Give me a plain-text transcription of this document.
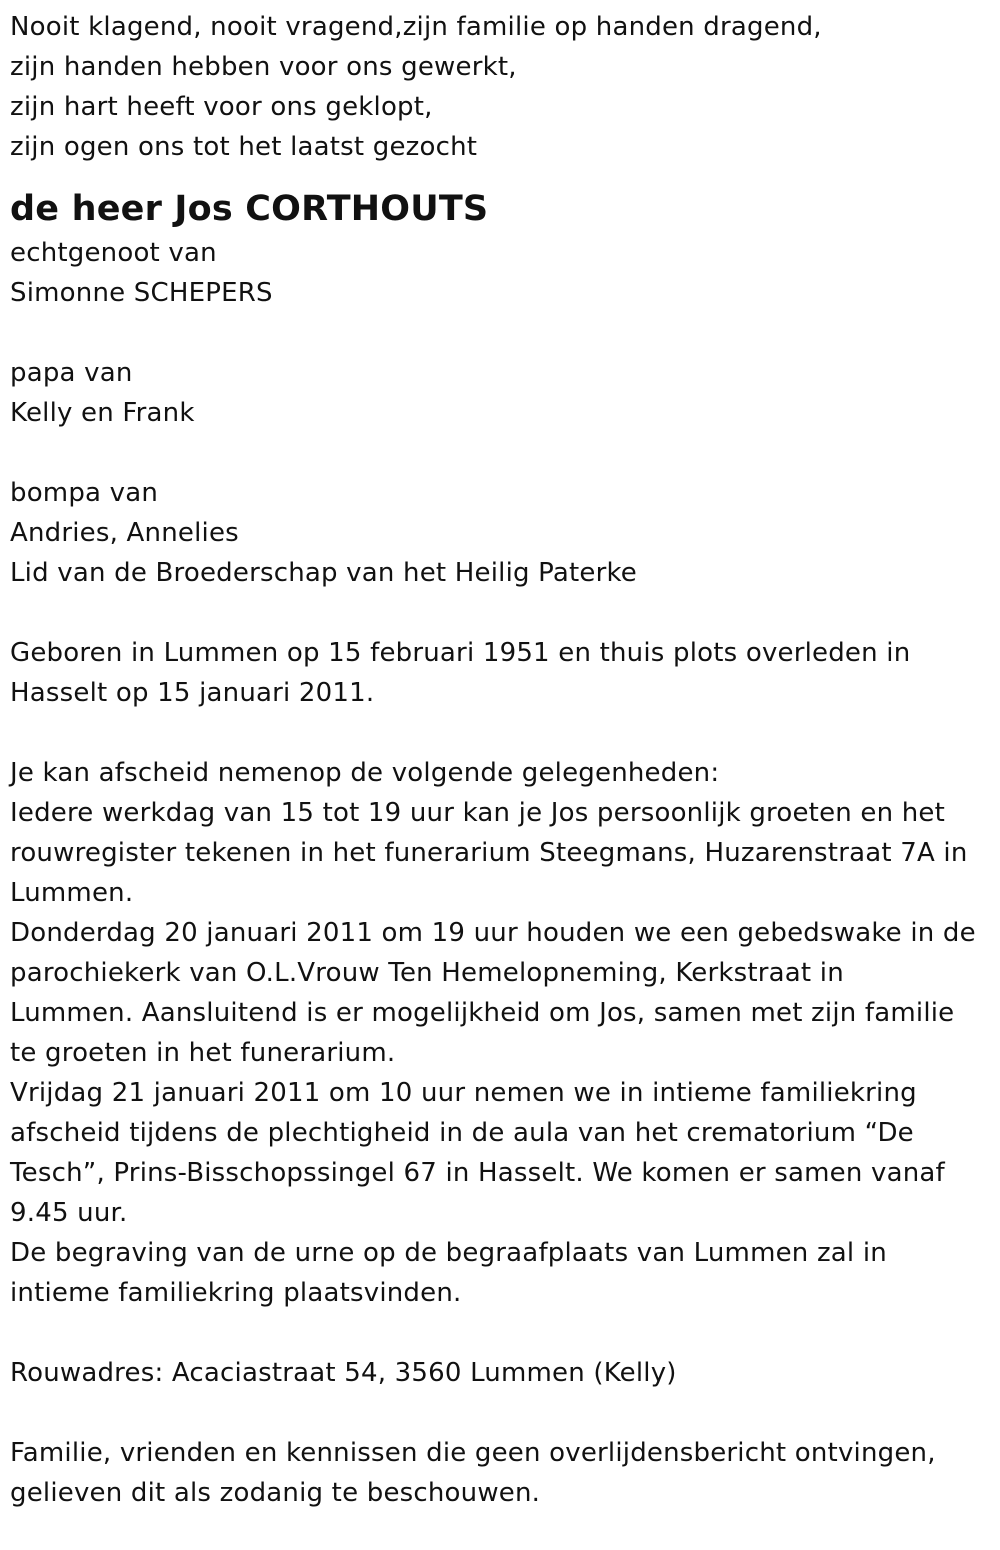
Nooit klagend, nooit vragend,zijn familie op handen dragend,
zijn handen hebben voor ons gewerkt,
zijn hart heeft voor ons geklopt,
zijn ogen ons tot het laatst gezocht
de heer Jos CORTHOUTS
echtgenoot van
Simonne SCHEPERS
papa van
Kelly en Frank
bompa van
Andries, Annelies
Lid van de Broederschap van het Heilig Paterke
Geboren in Lummen op 15 februari 1951 en thuis plots overleden in
Hasselt op 15 januari 2011.
Je kan afscheid nemenop de volgende gelegenheden:
Iedere werkdag van 15 tot 19 uur kan je Jos persoonlijk groeten en het
rouwregister tekenen in het funerarium Steegmans, Huzarenstraat 7A in
Lummen.
Donderdag 20 januari 2011 om 19 uur houden we een gebedswake in de
parochiekerk van O.L.Vrouw Ten Hemelopneming, Kerkstraat in
Lummen. Aansluitend is er mogelijkheid om Jos, samen met zijn familie
te groeten in het funerarium.
Vrijdag 21 januari 2011 om 10 uur nemen we in intieme familiekring
afscheid tijdens de plechtigheid in de aula van het crematorium “De
Tesch”, Prins-Bisschopssingel 67 in Hasselt. We komen er samen vanaf
9.45 uur.
De begraving van de urne op de begraafplaats van Lummen zal in
intieme familiekring plaatsvinden.
Rouwadres: Acaciastraat 54, 3560 Lummen (Kelly)
Familie, vrienden en kennissen die geen overlijdensbericht ontvingen,
gelieven dit als zodanig te beschouwen.
